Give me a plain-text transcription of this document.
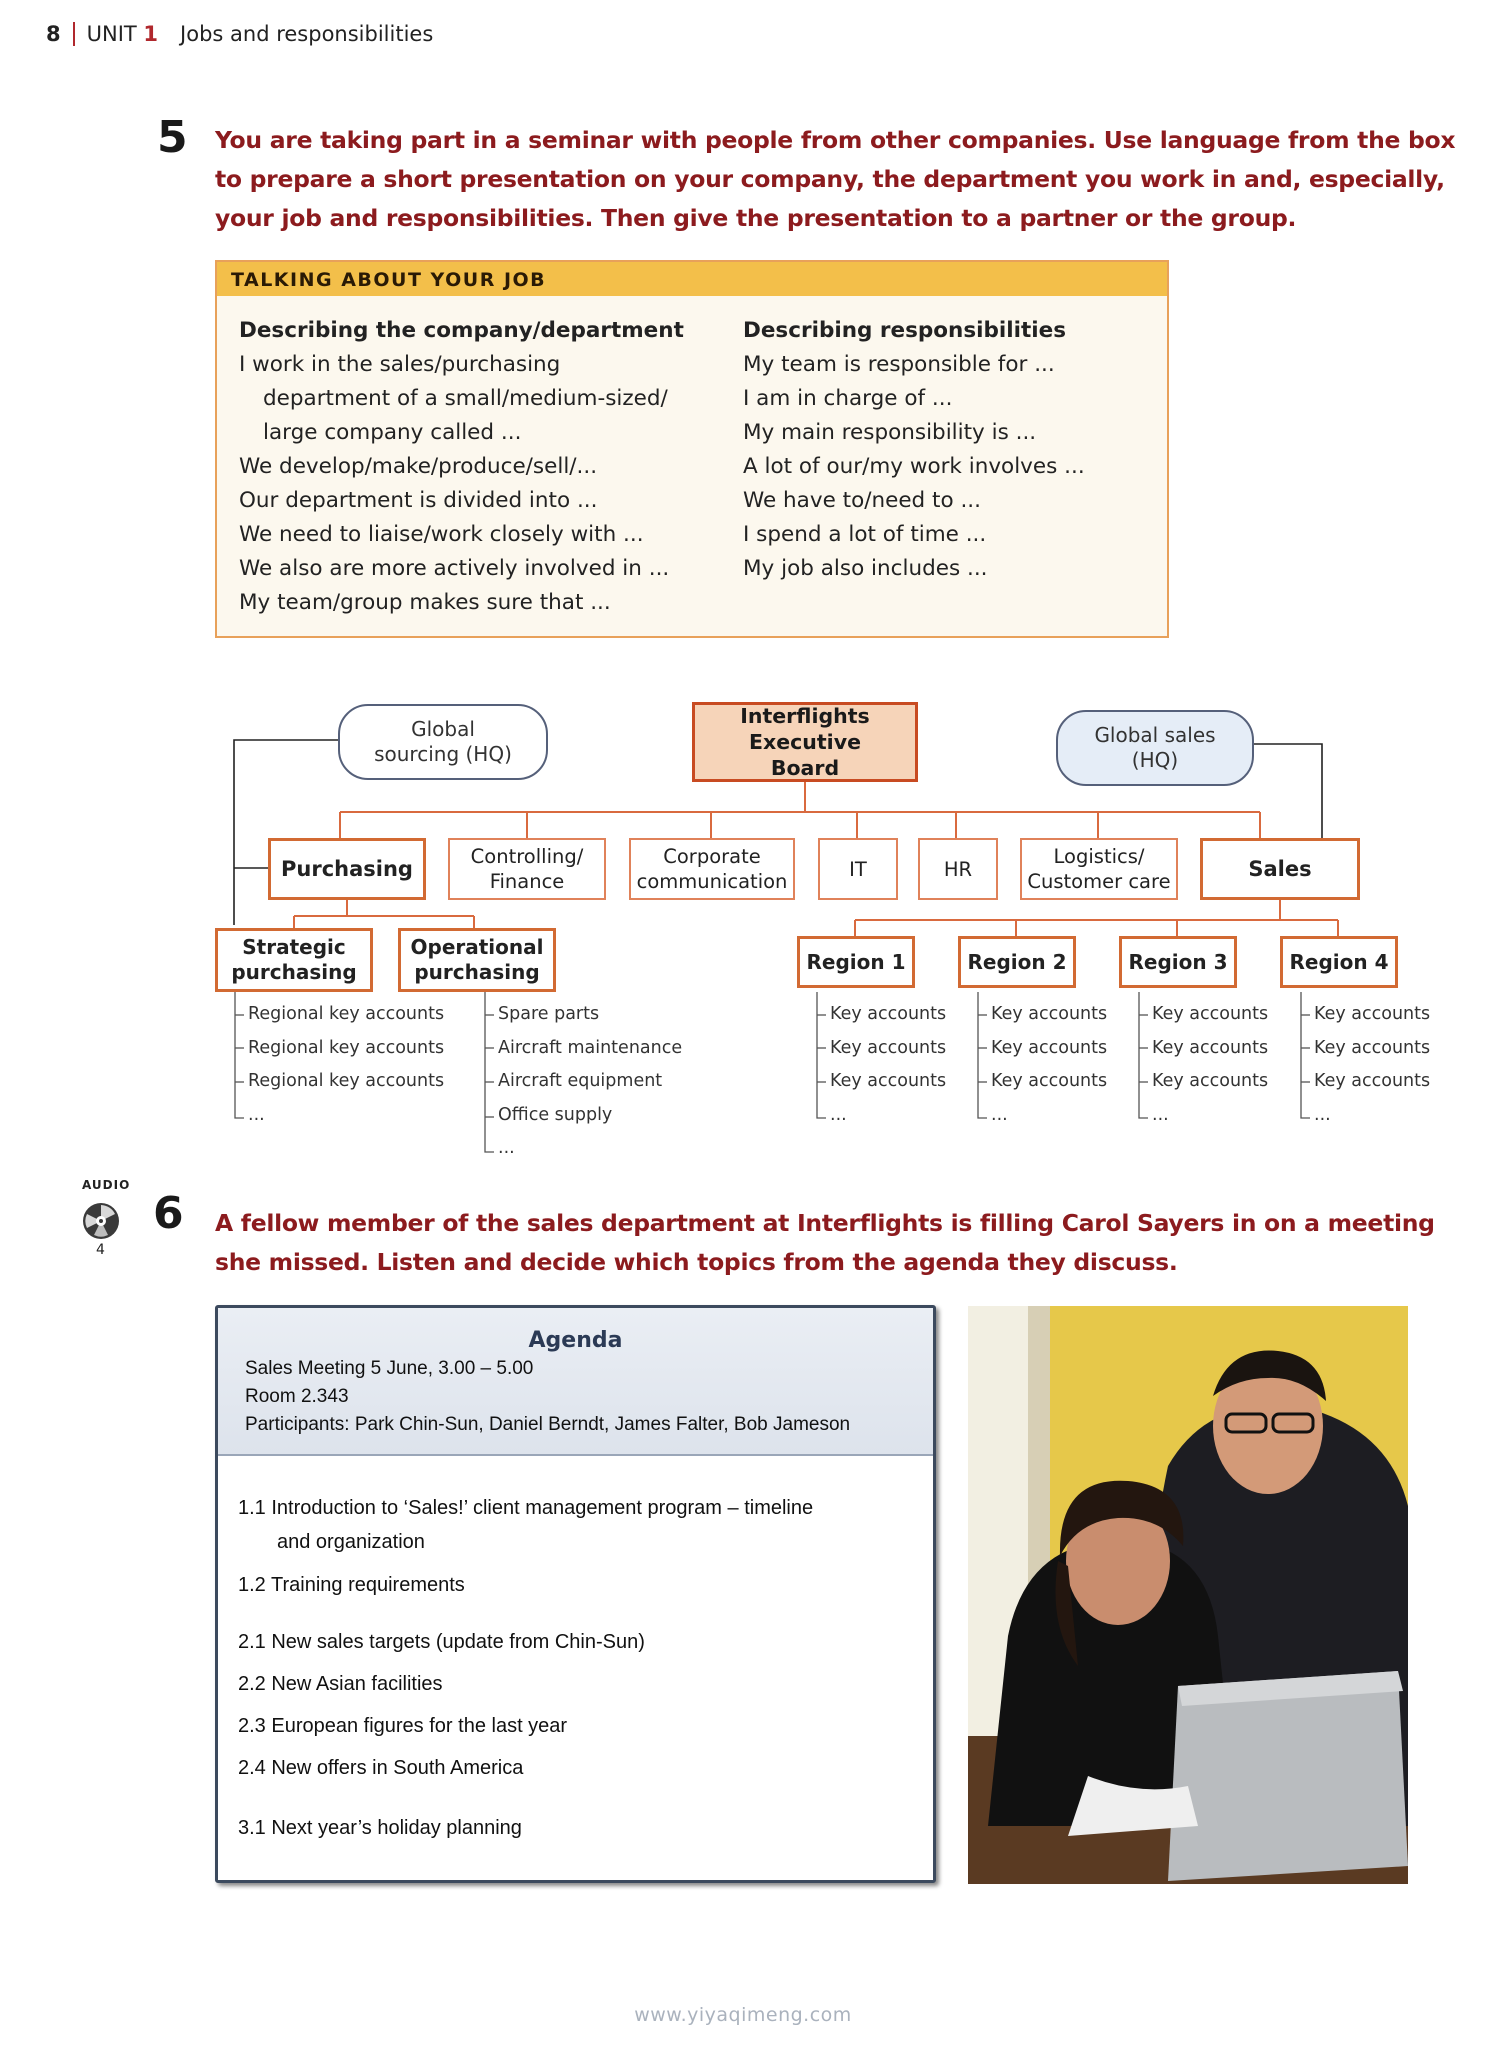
8 UNIT 1 Jobs and responsibilities
5 You are taking part in a seminar with people from other companies. Use language from the box
to prepare a short presentation on your company, the department you work in and, especially,
your job and responsibilities. Then give the presentation to a partner or the group.
TALKING ABOUT YOUR JOB
Describing the company/department
I work in the sales/purchasing
department of a small/medium-sized/
large company called ...
We develop/make/produce/sell/...
Our department is divided into ...
We need to liaise/work closely with ...
We also are more actively involved in ...
My team/group makes sure that ...
Describing responsibilities
My team is responsible for ...
I am in charge of ...
My main responsibility is ...
A lot of our/my work involves ...
We have to/need to ...
I spend a lot of time ...
My job also includes ...
Global
sourcing (HQ)
Interflights Executive
Board
Global sales
(HQ)
Purchasing	Controlling/
Finance
Corporate
communication
IT	HR
Logistics/
Customer care
Sales
Strategic
purchasing
Operational
purchasing	Region 1	Region 2	Region 3	Region 4
Regional key accounts
Regional key accounts
Regional key accounts
...
Spare parts
Aircraft maintenance
Aircraft equipment
Office supply
...
Key accounts
Key accounts
Key accounts
...
Key accounts
Key accounts
Key accounts
...
Key accounts
Key accounts
Key accounts
...
Key accounts
Key accounts
Key accounts
...
AUDIO
4
6 A fellow member of the sales department at Interflights is filling Carol Sayers in on a meeting
she missed. Listen and decide which topics from the agenda they discuss.
Agenda
Sales Meeting 5 June, 3.00 – 5.00
Room 2.343
Participants: Park Chin-Sun, Daniel Berndt, James Falter, Bob Jameson
1.1 Introduction to ‘Sales!’ client management program – timeline
and organization
1.2 Training requirements
2.1 New sales targets (update from Chin-Sun)
2.2 New Asian facilities
2.3 European figures for the last year
2.4 New offers in South America
3.1 Next year’s holiday planning
www.yiyaqimeng.com
